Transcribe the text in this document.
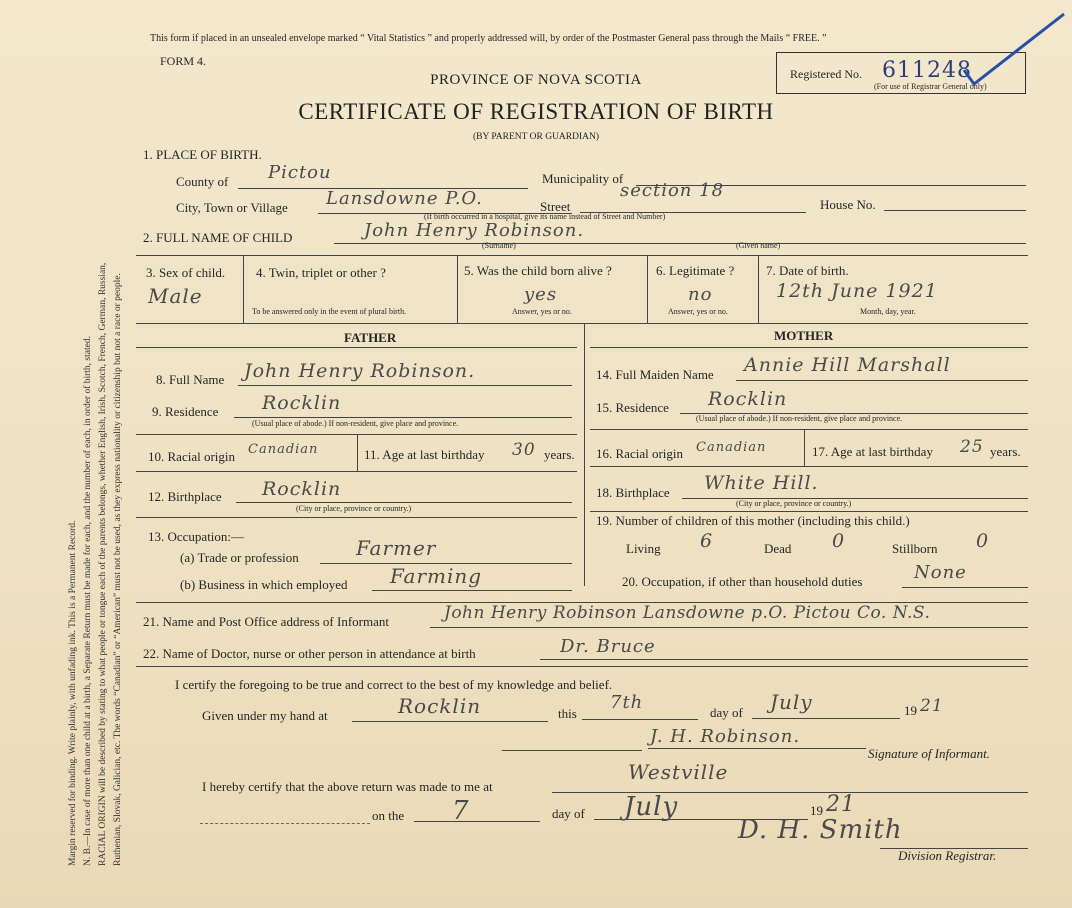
Margin reserved for binding. Write plainly, with unfading ink. This is a Permanent Record. N. B.—In case of more than one child at a birth, a Separate Return must be made for each, and the number of each, in order of birth, stated. RACIAL ORIGIN will be described by stating to what people or tongue each of the parents belongs, whether English, Irish, Scotch, French, German, Russian, Ruthenian, Slovak, Galician, etc. The words “Canadian” or “American” must not be used, as they express nationality or citizenship but not a race or people.
This form if placed in an unsealed envelope marked “ Vital Statistics ” and properly addressed will, by order of the Postmaster General pass through the Mails “ FREE. ”
FORM 4.
PROVINCE OF NOVA SCOTIA
CERTIFICATE OF REGISTRATION OF BIRTH
(BY PARENT OR GUARDIAN)
Registered No. 611248
(For use of Registrar General only)
1. PLACE OF BIRTH.
County of Pictou	Municipality of
City, Town or Village Lansdowne P.O.	Street
section 18
House No.
(If birth occurred in a hospital, give its name instead of Street and Number)
2. FULL NAME OF CHILD	John Henry Robinson.
(Surname)	(Given name)
3. Sex of child.
Male
4. Twin, triplet or other ?
To be answered only in the event of plural birth.
5. Was the child born alive ?
yes
Answer, yes or no.
6. Legitimate ?
no
Answer, yes or no.
7. Date of birth.
12th June 1921
Month, day, year.
FATHER	MOTHER
8. Full Name John Henry Robinson.
9. Residence Rocklin
(Usual place of abode.) If non-resident, give place and province.
10. Racial origin Canadian	11. Age at last birthday 30 years.
12. Birthplace Rocklin
(City or place, province or country.)
13. Occupation:—
(a) Trade or profession	Farmer
(b) Business in which employed Farming
14. Full Maiden Name Annie Hill Marshall
15. Residence Rocklin
(Usual place of abode.) If non-resident, give place and province.
16. Racial origin Canadian	17. Age at last birthday 25 years.
18. Birthplace White Hill.
(City or place, province or country.)
19. Number of children of this mother (including this child.)
Living 6	Dead 0	Stillborn 0
20. Occupation, if other than household duties	None
21. Name and Post Office address of Informant	John Henry Robinson Lansdowne p.O. Pictou Co. N.S.
22. Name of Doctor, nurse or other person in attendance at birth	Dr. Bruce
I certify the foregoing to be true and correct to the best of my knowledge and belief.
Given under my hand at	Rocklin	this
7th	day of July	19 21
J. H. Robinson.
Signature of Informant.
I hereby certify that the above return was made to me at
Westville
on the 7	day of July	19 21
D. H. Smith
Division Registrar.
